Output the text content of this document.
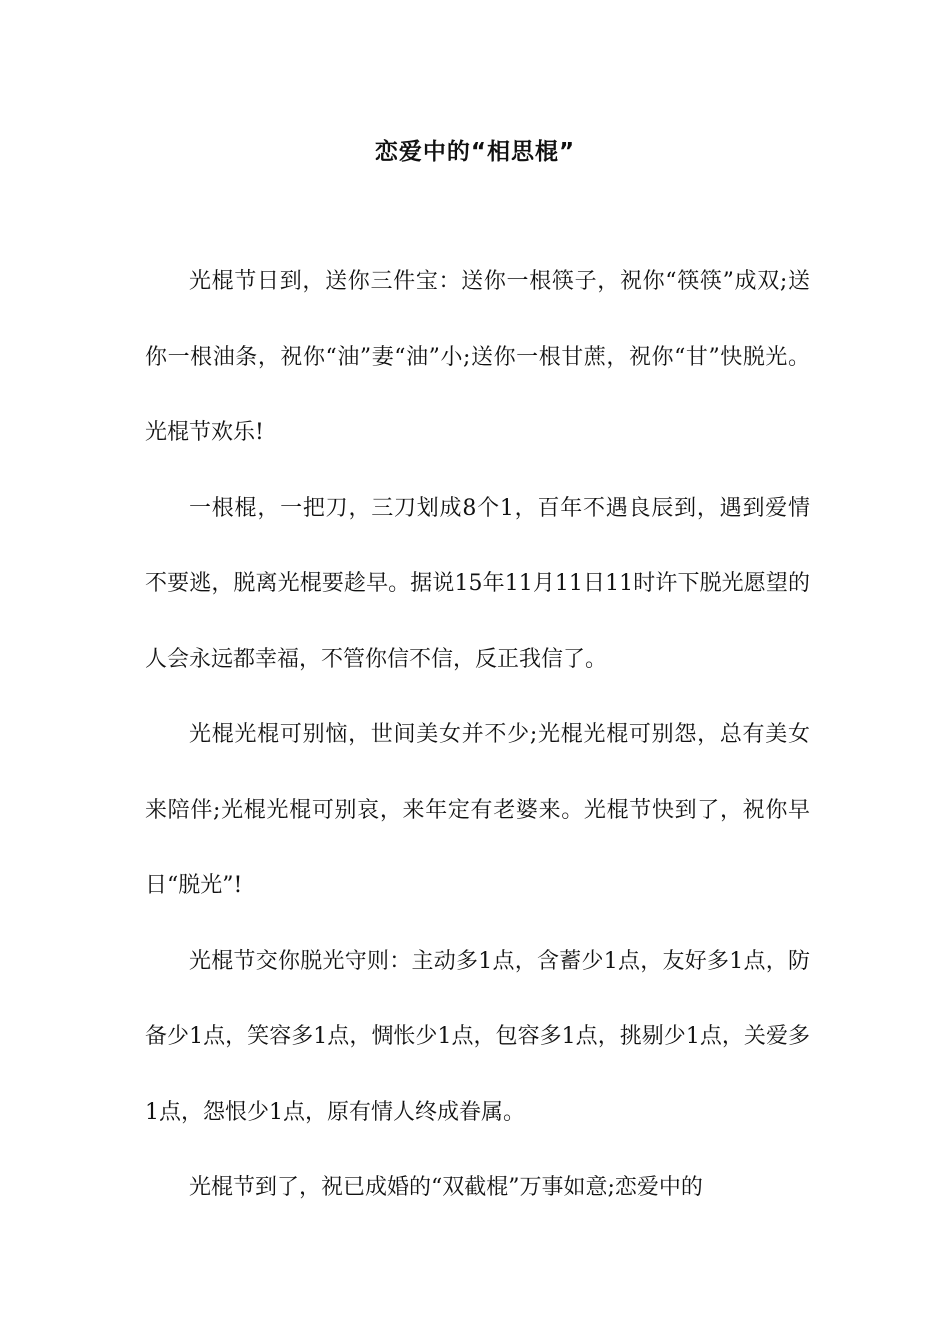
恋爱中的“相思棍”

光棍节日到，送你三件宝：送你一根筷子，祝你“筷筷”成双;送你一根油条，祝你“油”妻“油”小;送你一根甘蔗，祝你“甘”快脱光。光棍节欢乐!

一根棍，一把刀，三刀划成8个1，百年不遇良辰到，遇到爱情不要逃，脱离光棍要趁早。据说15年11月11日11时许下脱光愿望的人会永远都幸福，不管你信不信，反正我信了。

光棍光棍可别恼，世间美女并不少;光棍光棍可别怨，总有美女来陪伴;光棍光棍可别哀，来年定有老婆来。光棍节快到了，祝你早日“脱光”!

光棍节交你脱光守则：主动多1点，含蓄少1点，友好多1点，防备少1点，笑容多1点，惆怅少1点，包容多1点，挑剔少1点，关爱多1点，怨恨少1点，原有情人终成眷属。

光棍节到了，祝已成婚的“双截棍”万事如意;恋爱中的
